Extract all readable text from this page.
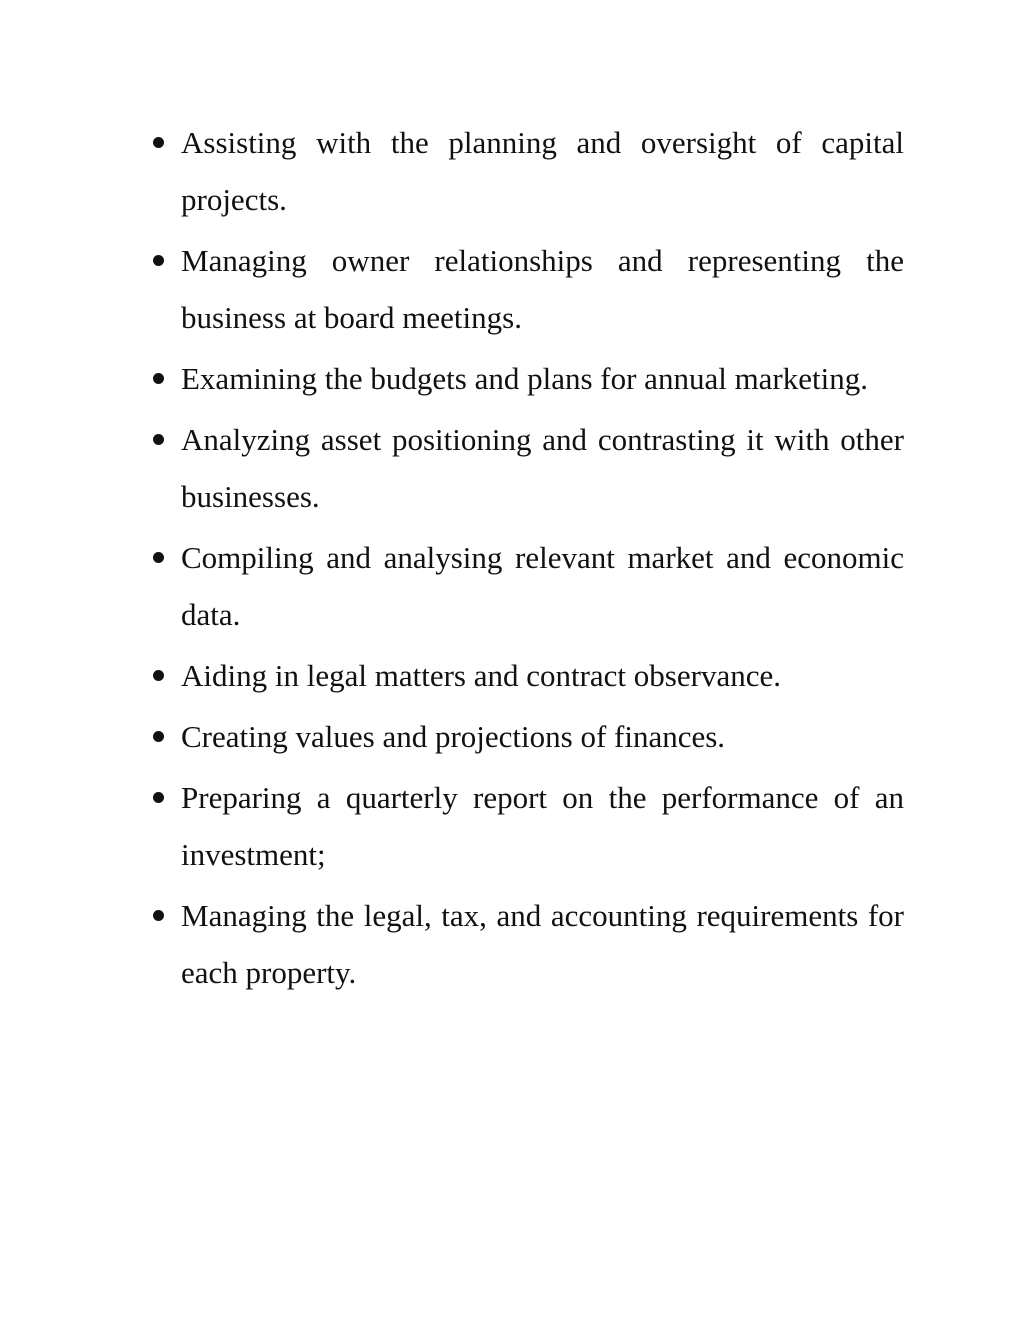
Assisting with the planning and oversight of capital projects.
Managing owner relationships and representing the business at board meetings.
Examining the budgets and plans for annual marketing.
Analyzing asset positioning and contrasting it with other businesses.
Compiling and analysing relevant market and economic data.
Aiding in legal matters and contract observance.
Creating values and projections of finances.
Preparing a quarterly report on the performance of an investment;
Managing the legal, tax, and accounting requirements for each property.
